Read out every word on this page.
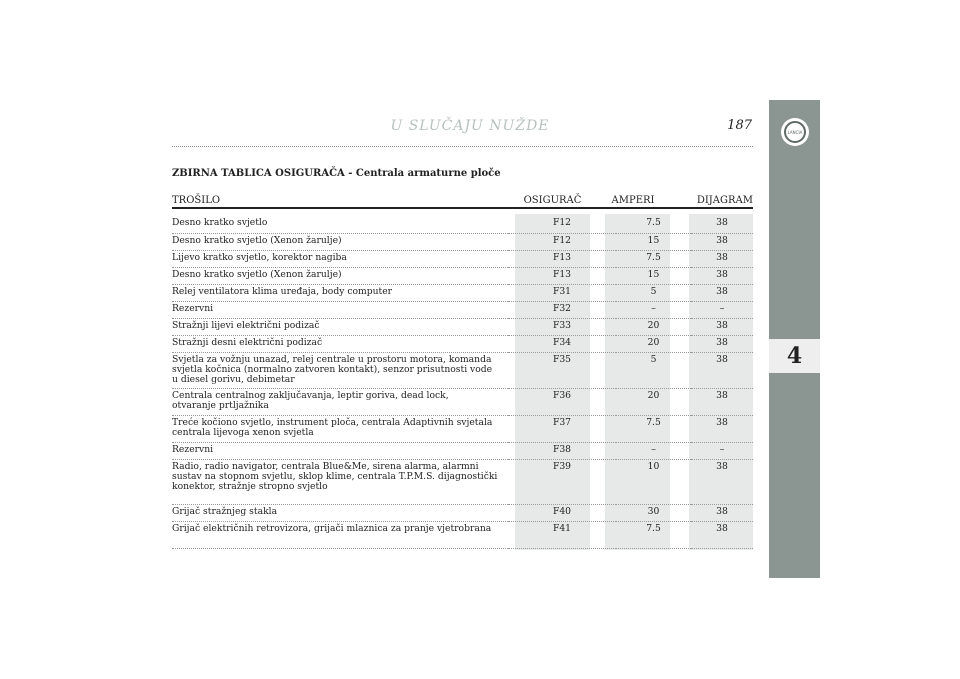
LANCIA
4
U SLUČAJU NUŽDE	187
ZBIRNA TABLICA OSIGURAČA - Centrala armaturne ploče
TROŠILO	OSIGURAČ	AMPERI	DIJAGRAM
Desno kratko svjetlo	F12	7.5	38
Desno kratko svjetlo (Xenon žarulje)	F12	15	38
Lijevo kratko svjetlo, korektor nagiba	F13	7.5	38
Desno kratko svjetlo (Xenon žarulje)	F13	15	38
Relej ventilatora klima uređaja, body computer	F31	5	38
Rezervni	F32	–	–
Stražnji lijevi električni podizač	F33	20	38
Stražnji desni električni podizač	F34	20	38
Svjetla za vožnju unazad, relej centrale u prostoru motora, komanda
svjetla kočnica (normalno zatvoren kontakt), senzor prisutnosti vode
u diesel gorivu, debimetar	F35	5	38
Centrala centralnog zaključavanja, leptir goriva, dead lock,
otvaranje prtljažnika	F36	20	38
Treće kočiono svjetlo, instrument ploča, centrala Adaptivnih svjetala
centrala lijevoga xenon svjetla	F37	7.5	38
Rezervni	F38	–	–
Radio, radio navigator, centrala Blue&Me, sirena alarma, alarmni
sustav na stopnom svjetlu, sklop klime, centrala T.P.M.S. dijagnostički
konektor, stražnje stropno svjetlo	F39	10	38
Grijač stražnjeg stakla	F40	30	38
Grijač električnih retrovizora, grijači mlaznica za pranje vjetrobrana	F41	7.5	38
